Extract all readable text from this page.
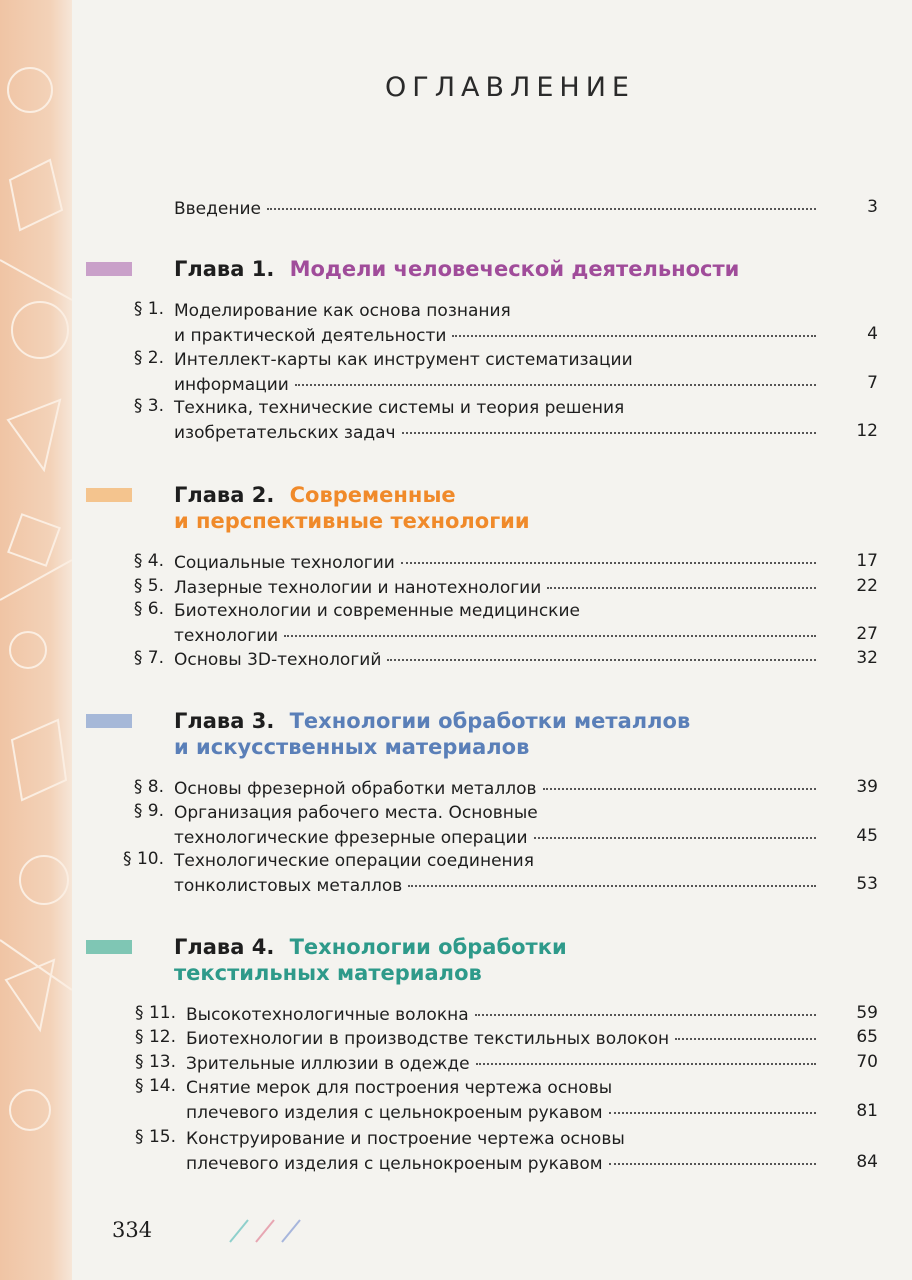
ОГЛАВЛЕНИЕ
Введение	3
Глава 1. Модели человеческой деятельности
§ 1. Моделирование как основа познания
и практической деятельности	4
§ 2. Интеллект-карты как инструмент систематизации
информации	7
§ 3. Техника, технические системы и теория решения
изобретательских задач	12
Глава 2. Современные
и перспективные технологии
§ 4. Социальные технологии	17
§ 5. Лазерные технологии и нанотехнологии	22
§ 6. Биотехнологии и современные медицинские
технологии	27
§ 7. Основы 3D-технологий	32
Глава 3. Технологии обработки металлов
и искусственных материалов
§ 8. Основы фрезерной обработки металлов	39
§ 9. Организация рабочего места. Основные
технологические фрезерные операции	45
§ 10. Технологические операции соединения
тонколистовых металлов	53
Глава 4. Технологии обработки
текстильных материалов
§ 11. Высокотехнологичные волокна	59
§ 12. Биотехнологии в производстве текстильных волокон	65
§ 13. Зрительные иллюзии в одежде	70
§ 14. Снятие мерок для построения чертежа основы
плечевого изделия с цельнокроеным рукавом	81
§ 15. Конструирование и построение чертежа основы
плечевого изделия с цельнокроеным рукавом	84
334
